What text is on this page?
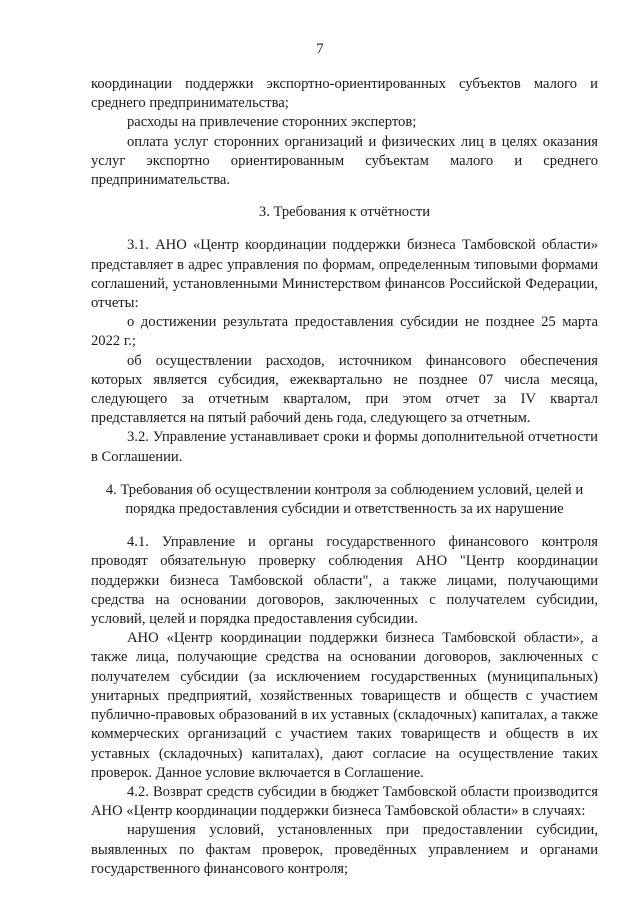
7

координации поддержки экспортно-ориентированных субъектов малого и среднего предпринимательства;

расходы на привлечение сторонних экспертов;

оплата услуг сторонних организаций и физических лиц в целях оказания услуг экспортно ориентированным субъектам малого и среднего предпринимательства.

3. Требования к отчётности

3.1. АНО «Центр координации поддержки бизнеса Тамбовской области» представляет в адрес управления по формам, определенным типовыми формами соглашений, установленными Министерством финансов Российской Федерации, отчеты:

о достижении результата предоставления субсидии не позднее 25 марта 2022 г.;

об осуществлении расходов, источником финансового обеспечения которых является субсидия, ежеквартально не позднее 07 числа месяца, следующего за отчетным кварталом, при этом отчет за IV квартал представляется на пятый рабочий день года, следующего за отчетным.

3.2. Управление устанавливает сроки и формы дополнительной отчетности в Соглашении.

4. Требования об осуществлении контроля за соблюдением условий, целей и порядка предоставления субсидии и ответственность за их нарушение

4.1. Управление и органы государственного финансового контроля проводят обязательную проверку соблюдения АНО "Центр координации поддержки бизнеса Тамбовской области", а также лицами, получающими средства на основании договоров, заключенных с получателем субсидии, условий, целей и порядка предоставления субсидии.

АНО «Центр координации поддержки бизнеса Тамбовской области», а также лица, получающие средства на основании договоров, заключенных с получателем субсидии (за исключением государственных (муниципальных) унитарных предприятий, хозяйственных товариществ и обществ с участием публично-правовых образований в их уставных (складочных) капиталах, а также коммерческих организаций с участием таких товариществ и обществ в их уставных (складочных) капиталах), дают согласие на осуществление таких проверок. Данное условие включается в Соглашение.

4.2. Возврат средств субсидии в бюджет Тамбовской области производится АНО «Центр координации поддержки бизнеса Тамбовской области» в случаях:

нарушения условий, установленных при предоставлении субсидии, выявленных по фактам проверок, проведённых управлением и органами государственного финансового контроля;
